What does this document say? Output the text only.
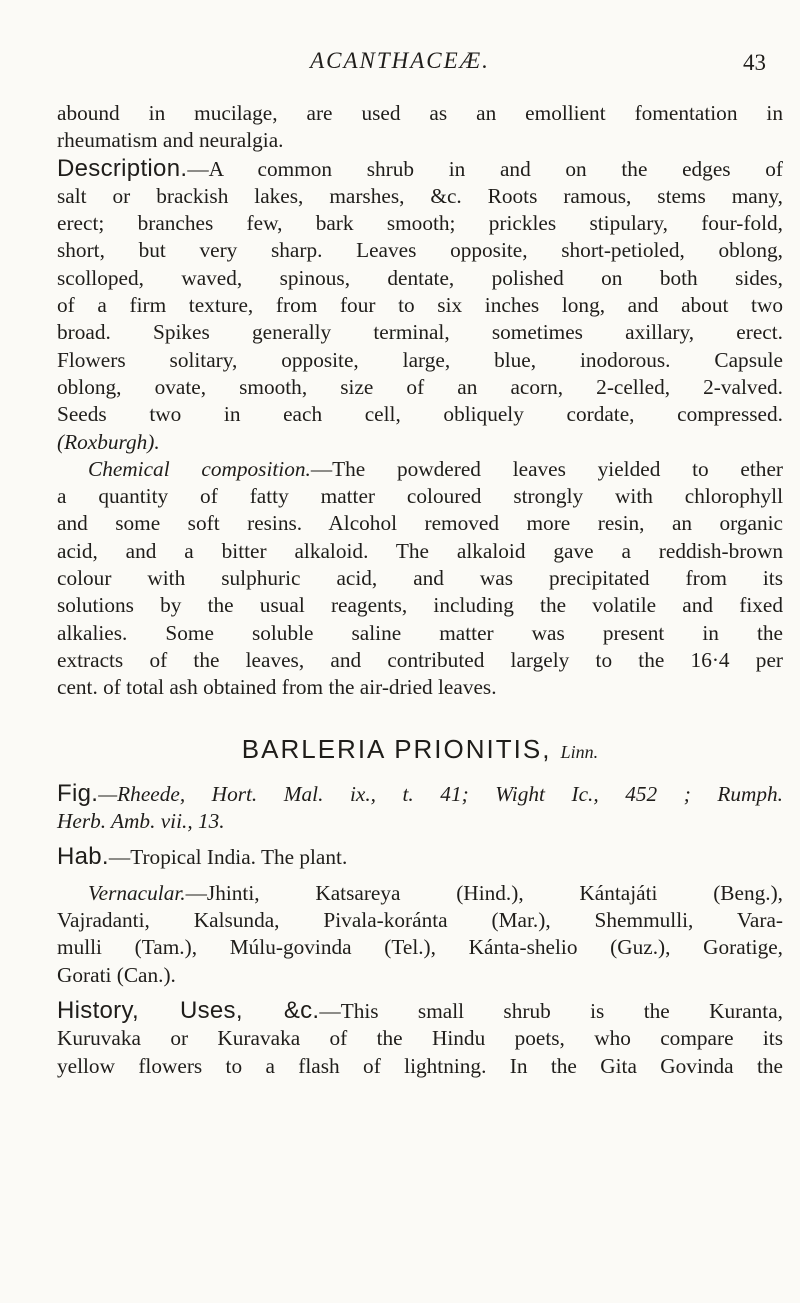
ACANTHACEÆ.	43

abound in mucilage, are used as an emollient fomentation in
rheumatism and neuralgia.

Description.—A common shrub in and on the edges of
salt or brackish lakes, marshes, &c. Roots ramous, stems many,
erect; branches few, bark smooth; prickles stipulary, four-fold,
short, but very sharp. Leaves opposite, short-petioled, oblong,
scolloped, waved, spinous, dentate, polished on both sides,
of a firm texture, from four to six inches long, and about two
broad. Spikes generally terminal, sometimes axillary, erect.
Flowers solitary, opposite, large, blue, inodorous. Capsule
oblong, ovate, smooth, size of an acorn, 2-celled, 2-valved.
Seeds two in each cell, obliquely cordate, compressed.
(Roxburgh).

Chemical composition.—The powdered leaves yielded to ether
a quantity of fatty matter coloured strongly with chlorophyll
and some soft resins. Alcohol removed more resin, an organic
acid, and a bitter alkaloid. The alkaloid gave a reddish-brown
colour with sulphuric acid, and was precipitated from its
solutions by the usual reagents, including the volatile and fixed
alkalies. Some soluble saline matter was present in the
extracts of the leaves, and contributed largely to the 16·4 per
cent. of total ash obtained from the air-dried leaves.

BARLERIA PRIONITIS, Linn.

Fig.—Rheede, Hort. Mal. ix., t. 41; Wight Ic., 452 ; Rumph.
Herb. Amb. vii., 13.

Hab.—Tropical India. The plant.

Vernacular.—Jhinti, Katsareya (Hind.), Kántajáti (Beng.),
Vajradanti, Kalsunda, Pivala-koránta (Mar.), Shemmulli, Vara-
mulli (Tam.), Múlu-govinda (Tel.), Kánta-shelio (Guz.), Goratige,
Gorati (Can.).

History, Uses, &c.—This small shrub is the Kuranta,
Kuruvaka or Kuravaka of the Hindu poets, who compare its
yellow flowers to a flash of lightning. In the Gita Govinda the
